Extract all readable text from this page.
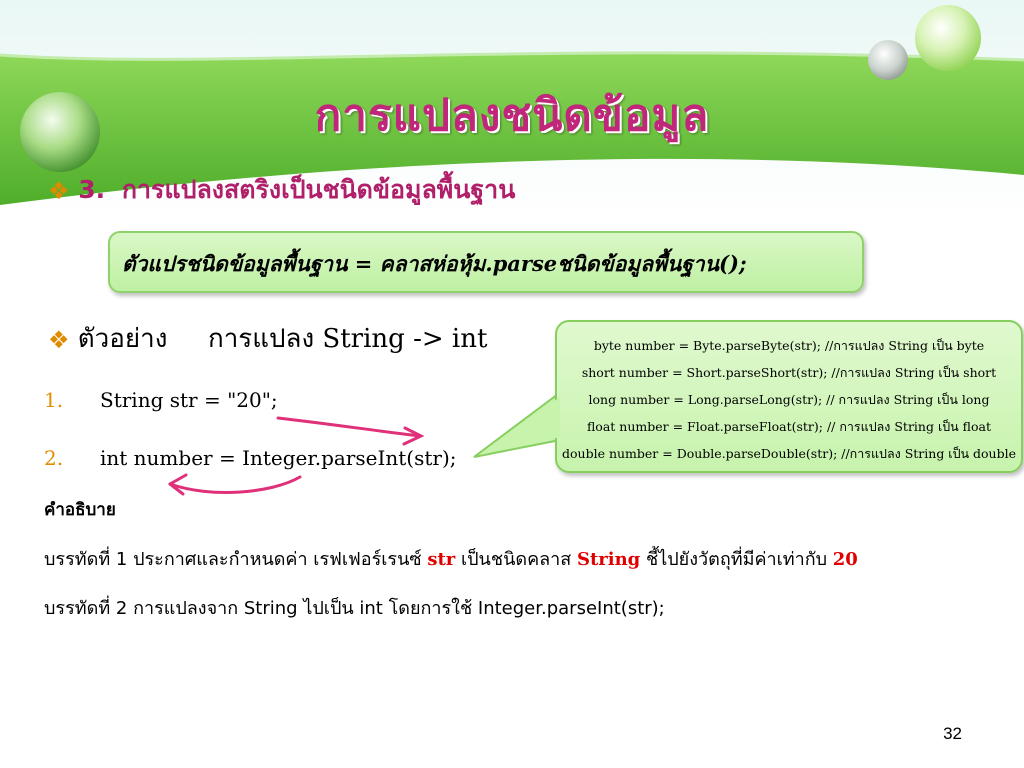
การแปลงชนิดข้อมูล
❖ 3. การแปลงสตริงเป็นชนิดข้อมูลพื้นฐาน
ตัวแปรชนิดข้อมูลพื้นฐาน = คลาสห่อหุ้ม.parseชนิดข้อมูลพื้นฐาน();
❖ ตัวอย่าง การแปลง String -> int
1. String str = "20";
2. int number = Integer.parseInt(str);
byte number = Byte.parseByte(str); //การแปลง String เป็น byte
short number = Short.parseShort(str); //การแปลง String เป็น short
long number = Long.parseLong(str); // การแปลง String เป็น long
float number = Float.parseFloat(str); // การแปลง String เป็น float
double number = Double.parseDouble(str); //การแปลง String เป็น double
คำอธิบาย
บรรทัดที่ 1 ประกาศและกำหนดค่า เรฟเฟอร์เรนซ์ str เป็นชนิดคลาส String ชี้ไปยังวัตถุที่มีค่าเท่ากับ 20
บรรทัดที่ 2 การแปลงจาก String ไปเป็น int โดยการใช้ Integer.parseInt(str);
32
